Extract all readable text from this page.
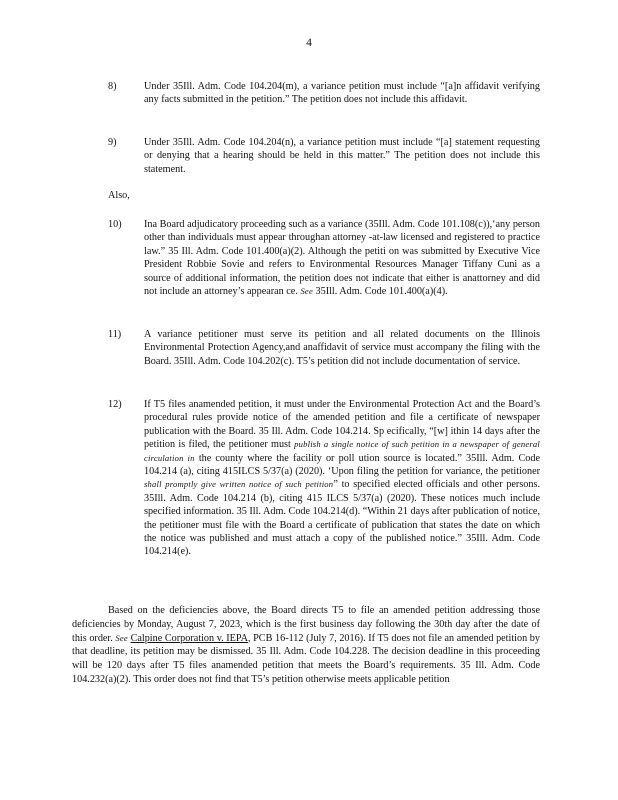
4
8)	Under 35Ill. Adm. Code 104.204(m), a variance petition must include “[a]n affidavit verifying any facts submitted in the petition.” The petition does not include this affidavit.
9)	Under 35Ill. Adm. Code 104.204(n), a variance petition must include “[a] statement requesting or denying that a hearing should be held in this matter.” The petition does not include this statement.
Also,
10) Ina Board adjudicatory proceeding such as a variance (35Ill. Adm. Code 101.108(c)),‘any person other than individuals must appear throughan attorney -at-law licensed and registered to practice law.” 35 Ill. Adm. Code 101.400(a)(2). Although the petiti on was submitted by Executive Vice President Robbie Sovie and refers to Environmental Resources Manager Tiffany Cuni as a source of additional information, the petition does not indicate that either is anattorney and did not include an attorney’s appearan ce. See 35Ill. Adm. Code 101.400(a)(4).
11) A variance petitioner must serve its petition and all related documents on the Illinois Environmental Protection Agency,and anaffidavit of service must accompany the filing with the Board. 35Ill. Adm. Code 104.202(c). T5’s petition did not include documentation of service.
12) If T5 files anamended petition, it must under the Environmental Protection Act and the Board’s procedural rules provide notice of the amended petition and file a certificate of newspaper publication with the Board. 35 Ill. Adm. Code 104.214. Sp ecifically, “[w] ithin 14 days after the petition is filed, the petitioner must publish a single notice of such petition in a newspaper of general circulation in the county where the facility or poll ution source is located.” 35Ill. Adm. Code 104.214 (a), citing 415ILCS 5/37(a) (2020). ‘Upon filing the petition for variance, the petitioner shall promptly give written notice of such petition” to specified elected officials and other persons. 35Ill. Adm. Code 104.214 (b), citing 415 ILCS 5/37(a) (2020). These notices much include specified information. 35 Ill. Adm. Code 104.214(d). “Within 21 days after publication of notice, the petitioner must file with the Board a certificate of publication that states the date on which the notice was published and must attach a copy of the published notice.” 35Ill. Adm. Code 104.214(e).
Based on the deficiencies above, the Board directs T5 to file an amended petition addressing those deficiencies by Monday, August 7, 2023, which is the first business day following the 30th day after the date of this order. See Calpine Corporation v. IEPA, PCB 16-112 (July 7, 2016). If T5 does not file an amended petition by that deadline, its petition may be dismissed. 35 Ill. Adm. Code 104.228. The decision deadline in this proceeding will be 120 days after T5 files anamended petition that meets the Board’s requirements. 35 Ill. Adm. Code 104.232(a)(2). This order does not find that T5’s petition otherwise meets applicable petition
